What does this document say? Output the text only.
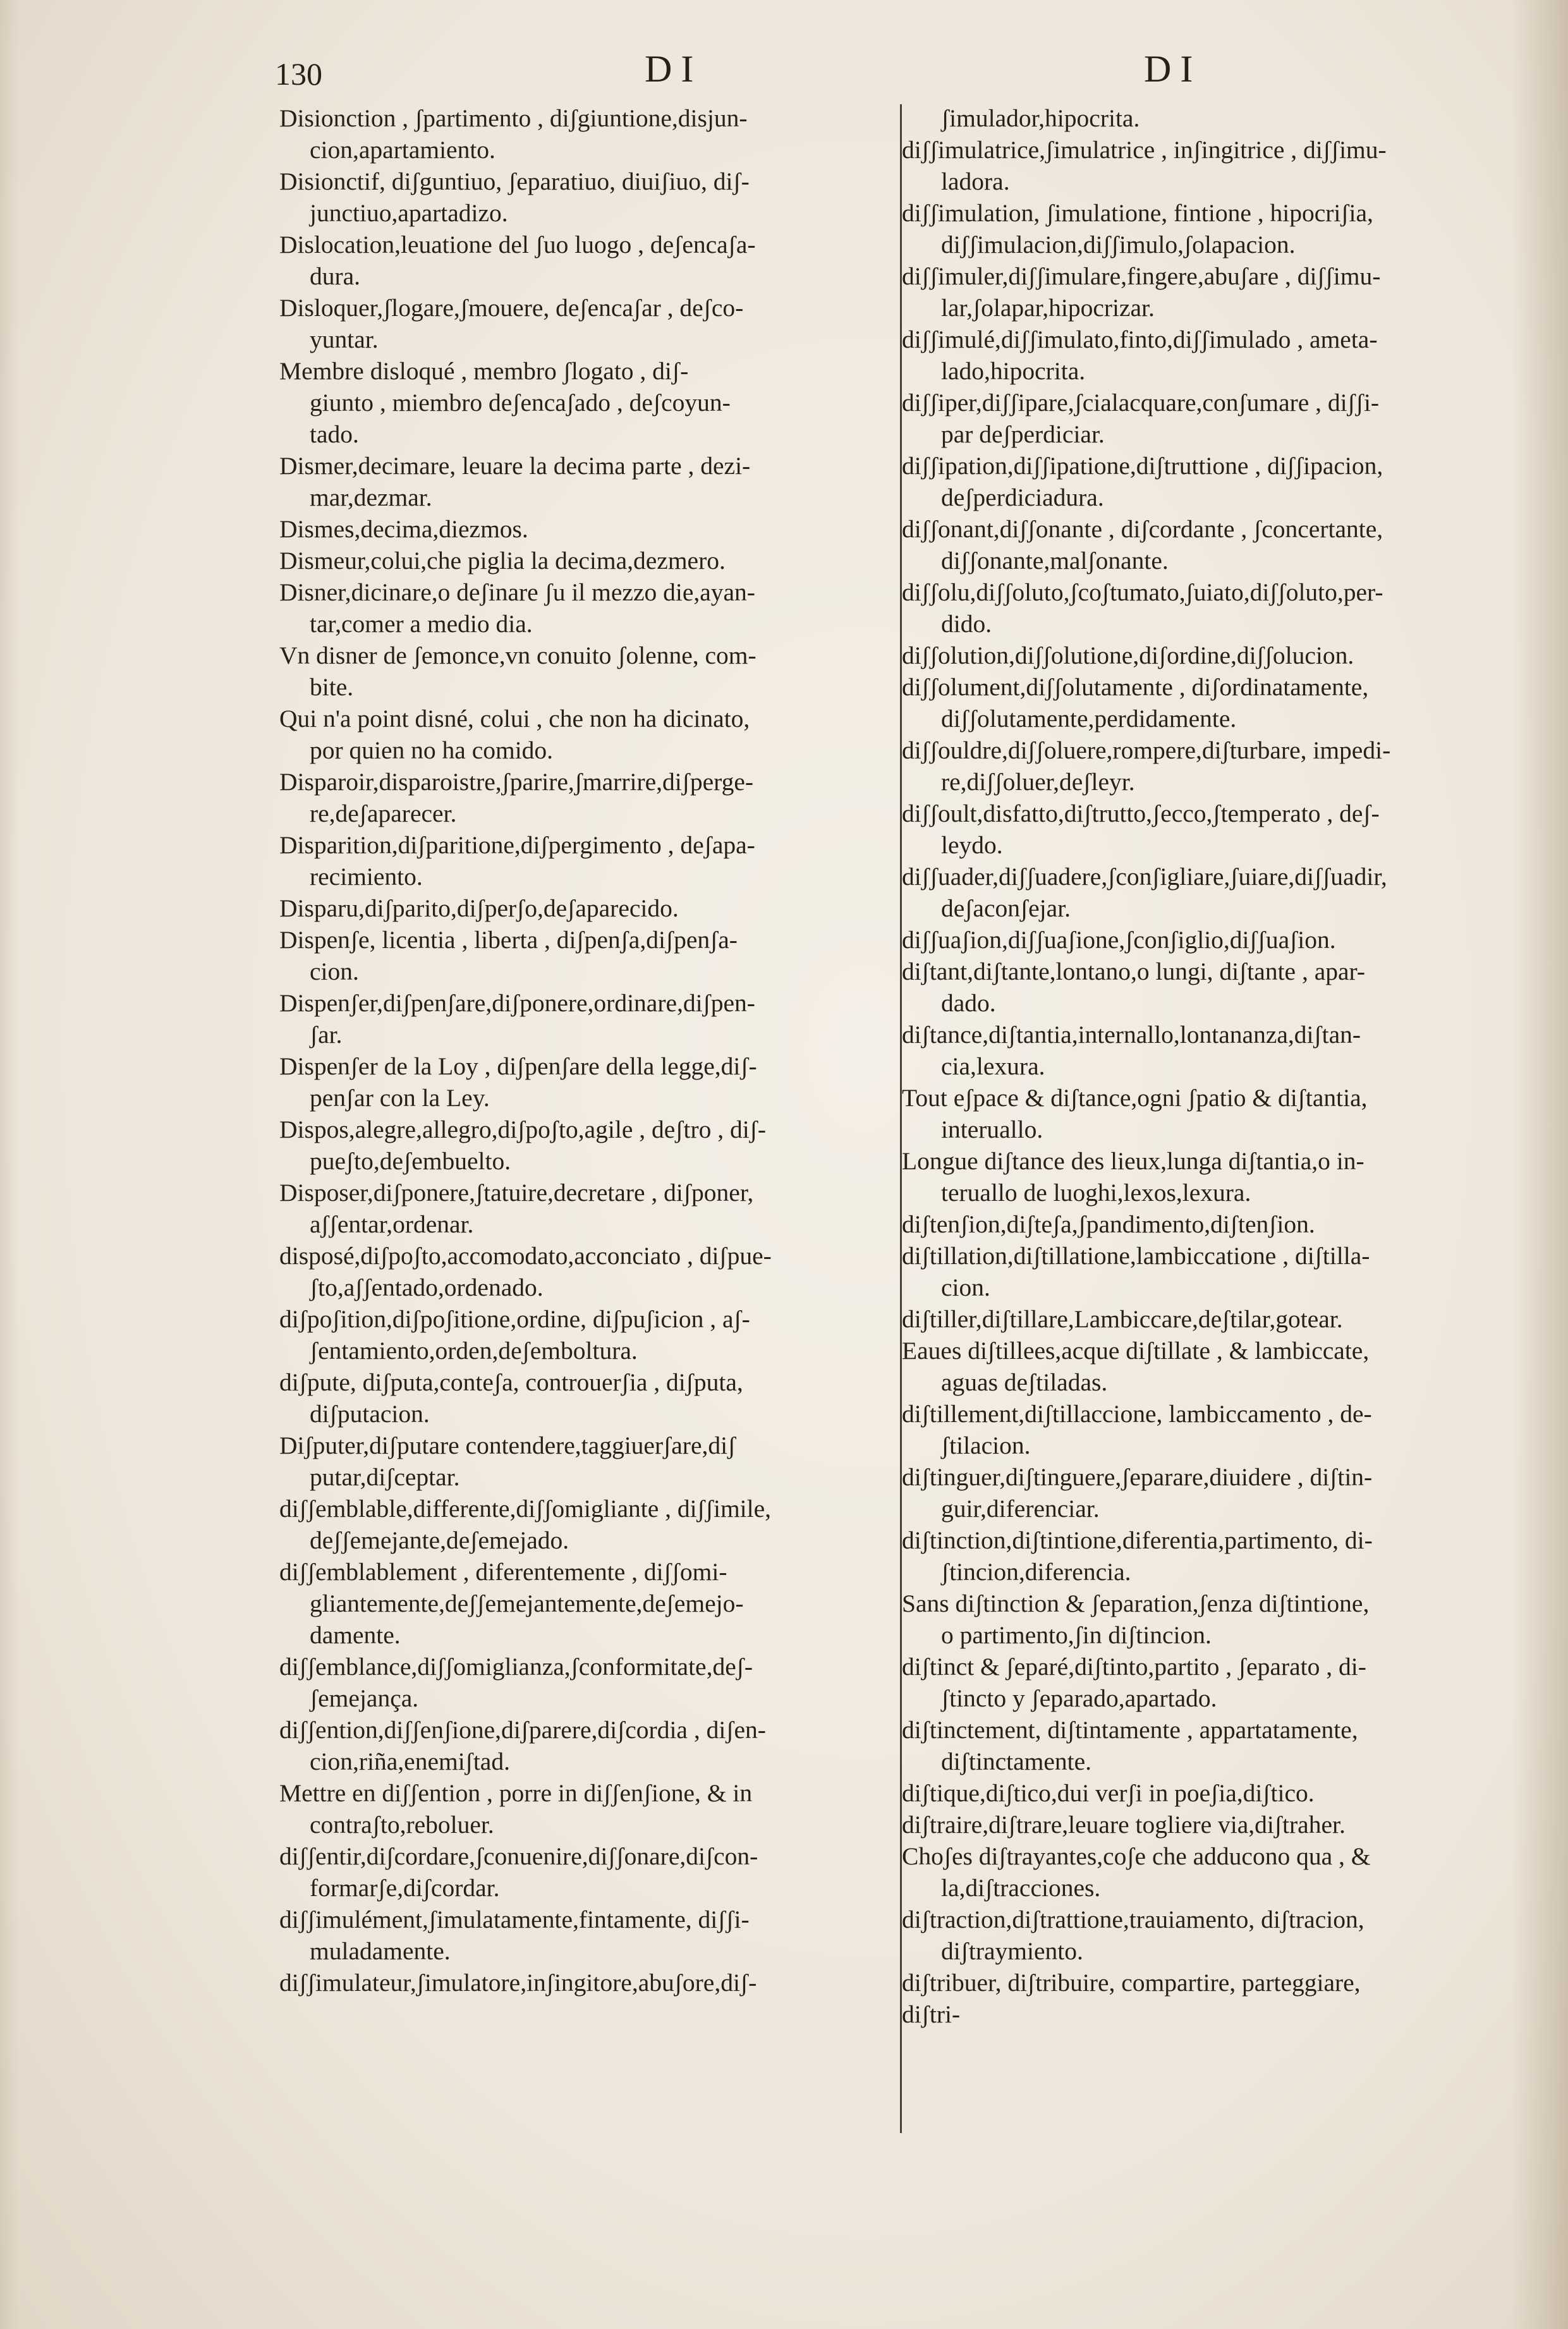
130	DI	DI
Disionction , ʃpartimento , diʃgiuntione,disjun-
cion,apartamiento.
Disionctif, diʃguntiuo, ʃeparatiuo, diuiʃiuo, diʃ-
junctiuo,apartadizo.
Dislocation,leuatione del ʃuo luogo , deʃencaʃa-
dura.
Disloquer,ʃlogare,ʃmouere, deʃencaʃar , deʃco-
yuntar.
Membre disloqué , membro ʃlogato , diʃ-
giunto , miembro deʃencaʃado , deʃcoyun-
tado.
Dismer,decimare, leuare la decima parte , dezi-
mar,dezmar.
Dismes,decima,diezmos.
Dismeur,colui,che piglia la decima,dezmero.
Disner,dicinare,o deʃinare ʃu il mezzo die,ayan-
tar,comer a medio dia.
Vn disner de ʃemonce,vn conuito ʃolenne, com-
bite.
Qui n'a point disné, colui , che non ha dicinato,
por quien no ha comido.
Disparoir,disparoistre,ʃparire,ʃmarrire,diʃperge-
re,deʃaparecer.
Disparition,diʃparitione,diʃpergimento , deʃapa-
recimiento.
Disparu,diʃparito,diʃperʃo,deʃaparecido.
Dispenʃe, licentia , liberta , diʃpenʃa,diʃpenʃa-
cion.
Dispenʃer,diʃpenʃare,diʃponere,ordinare,diʃpen-
ʃar.
Dispenʃer de la Loy , diʃpenʃare della legge,diʃ-
penʃar con la Ley.
Dispos,alegre,allegro,diʃpoʃto,agile , deʃtro , diʃ-
pueʃto,deʃembuelto.
Disposer,diʃponere,ʃtatuire,decretare , diʃponer,
aʃʃentar,ordenar.
disposé,diʃpoʃto,accomodato,acconciato , diʃpue-
ʃto,aʃʃentado,ordenado.
diʃpoʃition,diʃpoʃitione,ordine, diʃpuʃicion , aʃ-
ʃentamiento,orden,deʃemboltura.
diʃpute, diʃputa,conteʃa, controuerʃia , diʃputa,
diʃputacion.
Diʃputer,diʃputare contendere,taggiuerʃare,diʃ
putar,diʃceptar.
diʃʃemblable,differente,diʃʃomigliante , diʃʃimile,
deʃʃemejante,deʃemejado.
diʃʃemblablement , diferentemente , diʃʃomi-
gliantemente,deʃʃemejantemente,deʃemejo-
damente.
diʃʃemblance,diʃʃomiglianza,ʃconformitate,deʃ-
ʃemejança.
diʃʃention,diʃʃenʃione,diʃparere,diʃcordia , diʃen-
cion,riña,enemiʃtad.
Mettre en diʃʃention , porre in diʃʃenʃione, & in
contraʃto,reboluer.
diʃʃentir,diʃcordare,ʃconuenire,diʃʃonare,diʃcon-
formarʃe,diʃcordar.
diʃʃimulément,ʃimulatamente,fintamente, diʃʃi-
muladamente.
diʃʃimulateur,ʃimulatore,inʃingitore,abuʃore,diʃ-
ʃimulador,hipocrita.
diʃʃimulatrice,ʃimulatrice , inʃingitrice , diʃʃimu-
ladora.
diʃʃimulation, ʃimulatione, fintione , hipocriʃia,
diʃʃimulacion,diʃʃimulo,ʃolapacion.
diʃʃimuler,diʃʃimulare,fingere,abuʃare , diʃʃimu-
lar,ʃolapar,hipocrizar.
diʃʃimulé,diʃʃimulato,finto,diʃʃimulado , ameta-
lado,hipocrita.
diʃʃiper,diʃʃipare,ʃcialacquare,conʃumare , diʃʃi-
par deʃperdiciar.
diʃʃipation,diʃʃipatione,diʃtruttione , diʃʃipacion,
deʃperdiciadura.
diʃʃonant,diʃʃonante , diʃcordante , ʃconcertante,
diʃʃonante,malʃonante.
diʃʃolu,diʃʃoluto,ʃcoʃtumato,ʃuiato,diʃʃoluto,per-
dido.
diʃʃolution,diʃʃolutione,diʃordine,diʃʃolucion.
diʃʃolument,diʃʃolutamente , diʃordinatamente,
diʃʃolutamente,perdidamente.
diʃʃouldre,diʃʃoluere,rompere,diʃturbare, impedi-
re,diʃʃoluer,deʃleyr.
diʃʃoult,disfatto,diʃtrutto,ʃecco,ʃtemperato , deʃ-
leydo.
diʃʃuader,diʃʃuadere,ʃconʃigliare,ʃuiare,diʃʃuadir,
deʃaconʃejar.
diʃʃuaʃion,diʃʃuaʃione,ʃconʃiglio,diʃʃuaʃion.
diʃtant,diʃtante,lontano,o lungi, diʃtante , apar-
dado.
diʃtance,diʃtantia,internallo,lontananza,diʃtan-
cia,lexura.
Tout eʃpace & diʃtance,ogni ʃpatio & diʃtantia,
interuallo.
Longue diʃtance des lieux,lunga diʃtantia,o in-
teruallo de luoghi,lexos,lexura.
diʃtenʃion,diʃteʃa,ʃpandimento,diʃtenʃion.
diʃtillation,diʃtillatione,lambiccatione , diʃtilla-
cion.
diʃtiller,diʃtillare,Lambiccare,deʃtilar,gotear.
Eaues diʃtillees,acque diʃtillate , & lambiccate,
aguas deʃtiladas.
diʃtillement,diʃtillaccione, lambiccamento , de-
ʃtilacion.
diʃtinguer,diʃtinguere,ʃeparare,diuidere , diʃtin-
guir,diferenciar.
diʃtinction,diʃtintione,diferentia,partimento, di-
ʃtincion,diferencia.
Sans diʃtinction & ʃeparation,ʃenza diʃtintione,
o partimento,ʃin diʃtincion.
diʃtinct & ʃeparé,diʃtinto,partito , ʃeparato , di-
ʃtincto y ʃeparado,apartado.
diʃtinctement, diʃtintamente , appartatamente,
diʃtinctamente.
diʃtique,diʃtico,dui verʃi in poeʃia,diʃtico.
diʃtraire,diʃtrare,leuare togliere via,diʃtraher.
Choʃes diʃtrayantes,coʃe che adducono qua , &
la,diʃtracciones.
diʃtraction,diʃtrattione,trauiamento, diʃtracion,
diʃtraymiento.
diʃtribuer, diʃtribuire, compartire, parteggiare,
diʃtri-
